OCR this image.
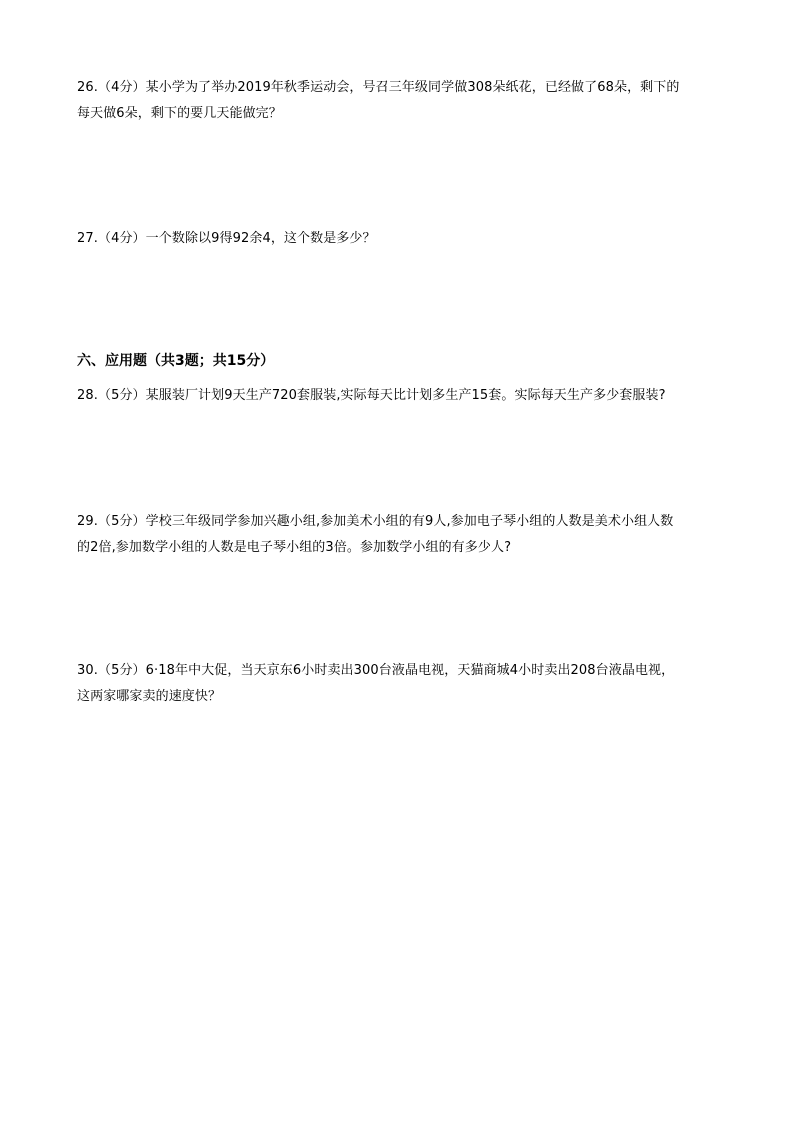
26.（4分）某小学为了举办2019年秋季运动会，号召三年级同学做308朵纸花，已经做了68朵，剩下的
每天做6朵，剩下的要几天能做完？
27.（4分）一个数除以9得92余4，这个数是多少？
六、应用题（共3题；共15分）
28.（5分）某服装厂计划9天生产720套服装,实际每天比计划多生产15套。实际每天生产多少套服装?
29.（5分）学校三年级同学参加兴趣小组,参加美术小组的有9人,参加电子琴小组的人数是美术小组人数
的2倍,参加数学小组的人数是电子琴小组的3倍。参加数学小组的有多少人?
30.（5分）6·18年中大促，当天京东6小时卖出300台液晶电视，天猫商城4小时卖出208台液晶电视，
这两家哪家卖的速度快？
